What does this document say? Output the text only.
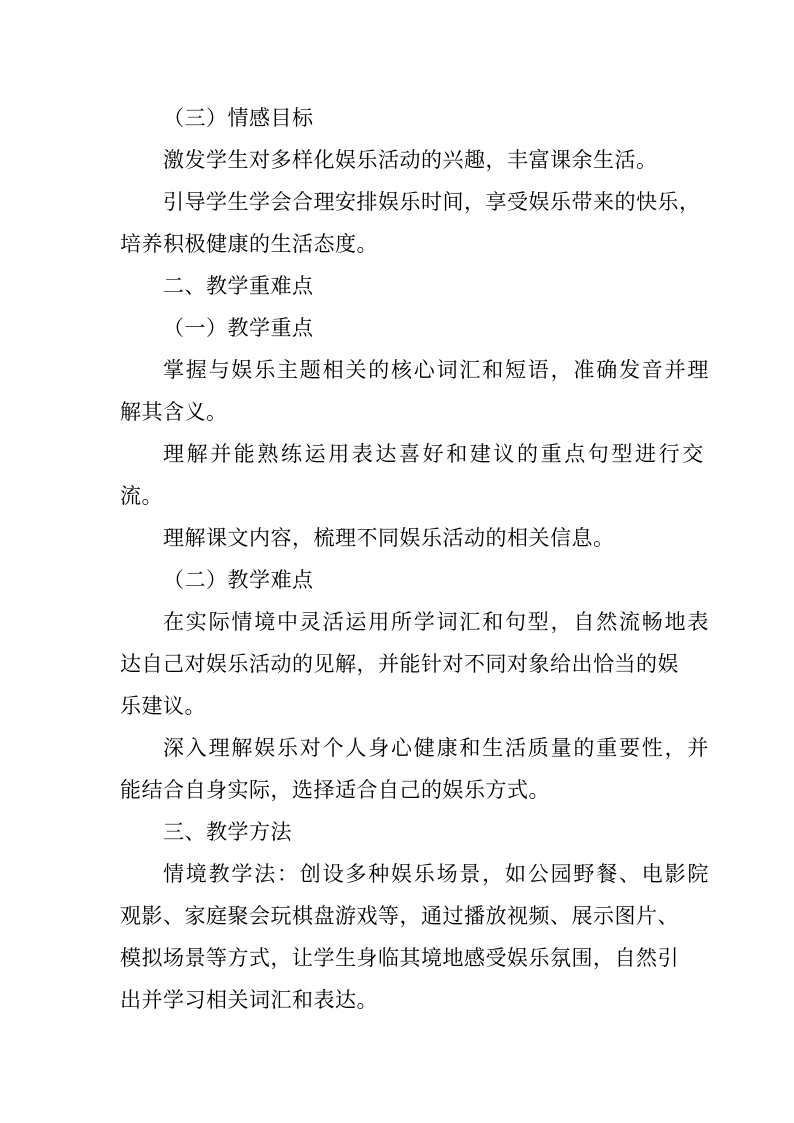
（三）情感目标
激发学生对多样化娱乐活动的兴趣，丰富课余生活。
引导学生学会合理安排娱乐时间，享受娱乐带来的快乐，
培养积极健康的生活态度。
二、教学重难点
（一）教学重点
掌握与娱乐主题相关的核心词汇和短语，准确发音并理
解其含义。
理解并能熟练运用表达喜好和建议的重点句型进行交
流。
理解课文内容，梳理不同娱乐活动的相关信息。
（二）教学难点
在实际情境中灵活运用所学词汇和句型，自然流畅地表
达自己对娱乐活动的见解，并能针对不同对象给出恰当的娱
乐建议。
深入理解娱乐对个人身心健康和生活质量的重要性，并
能结合自身实际，选择适合自己的娱乐方式。
三、教学方法
情境教学法：创设多种娱乐场景，如公园野餐、电影院
观影、家庭聚会玩棋盘游戏等，通过播放视频、展示图片、
模拟场景等方式，让学生身临其境地感受娱乐氛围，自然引
出并学习相关词汇和表达。
